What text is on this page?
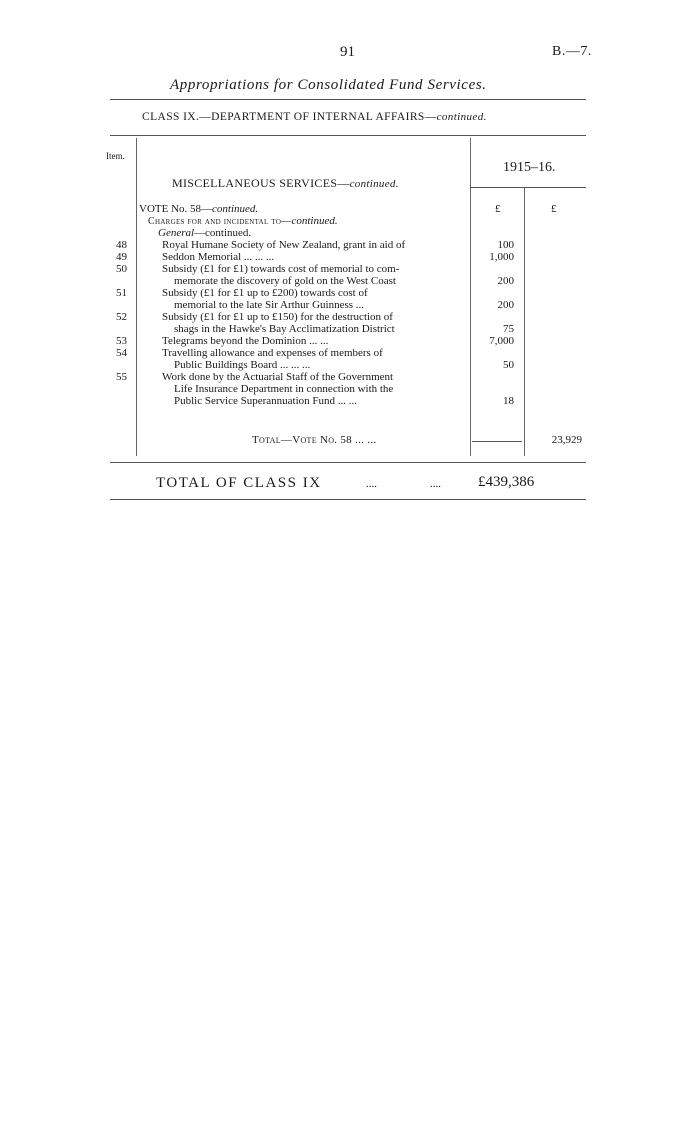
91	B.—7.
Appropriations for Consolidated Fund Services.
CLASS IX.—DEPARTMENT OF INTERNAL AFFAIRS—continued.
Item.
1915–16.
MISCELLANEOUS SERVICES—continued.
£	£
VOTE No. 58—continued.
Charges for and incidental to—continued.
General—continued.
48	Royal Humane Society of New Zealand, grant in aid of	100
49	Seddon Memorial ... ... ...	1,000
50	Subsidy (£1 for £1) towards cost of memorial to com-
memorate the discovery of gold on the West Coast	200
51	Subsidy (£1 for £1 up to £200) towards cost of
memorial to the late Sir Arthur Guinness ...	200
52	Subsidy (£1 for £1 up to £150) for the destruction of
shags in the Hawke's Bay Acclimatization District	75
53	Telegrams beyond the Dominion ... ...	7,000
54	Travelling allowance and expenses of members of
Public Buildings Board ... ... ...	50
55	Work done by the Actuarial Staff of the Government
Life Insurance Department in connection with the
Public Service Superannuation Fund ... ...	18
Total—Vote No. 58 ... ...	23,929
TOTAL OF CLASS IX	....	.... £439,386
